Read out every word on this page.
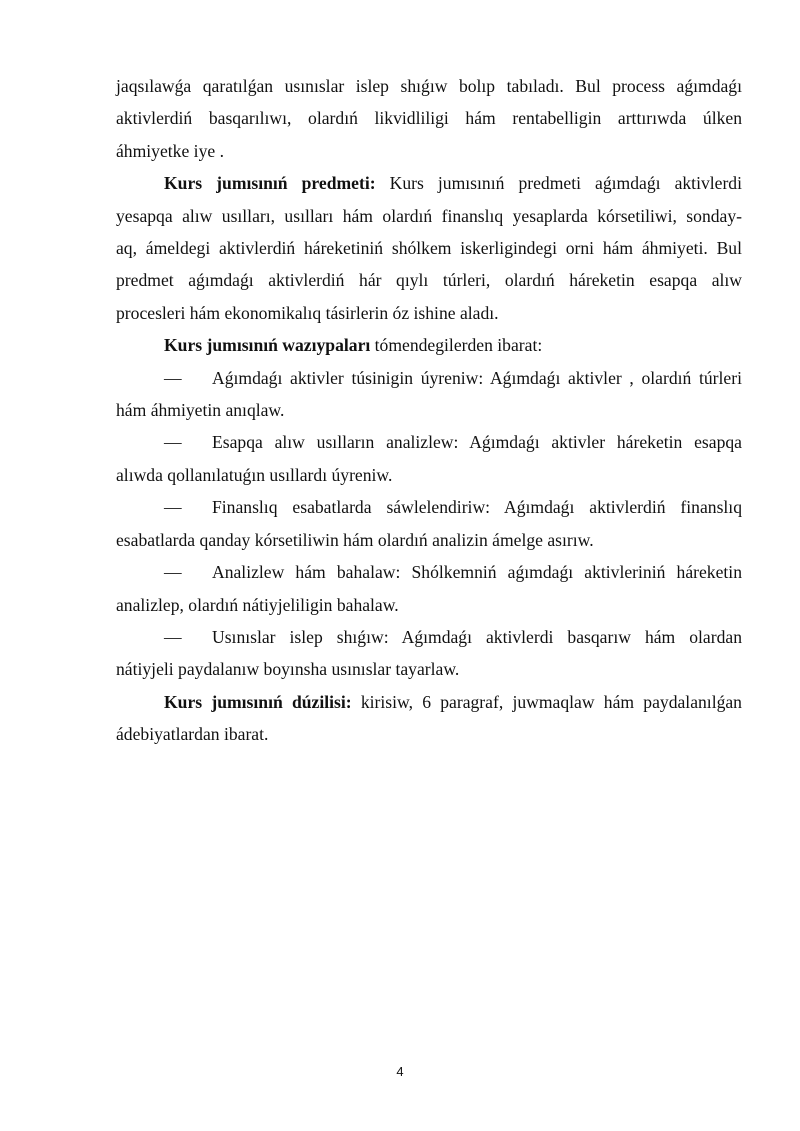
jaqsılawǵa qaratılǵan usınıslar islep shıǵıw bolıp tabıladı. Bul process aǵımdaǵı

aktivlerdiń basqarılıwı, olardıń likvidliligi hám rentabelligin arttırıwda úlken

áhmiyetke iye .

Kurs jumısınıń predmeti: Kurs jumısınıń predmeti aǵımdaǵı aktivlerdi

yesapqa alıw usılları, usılları hám olardıń finanslıq yesaplarda kórsetiliwi, sonday-

aq, ámeldegi aktivlerdiń háreketiniń shólkem iskerligindegi orni hám áhmiyeti. Bul

predmet aǵımdaǵı aktivlerdiń hár qıylı túrleri, olardıń háreketin esapqa alıw

procesleri hám ekonomikalıq tásirlerin óz ishine aladı.

Kurs jumısınıń wazıypaları tómendegilerden ibarat:

— Aǵımdaǵı aktivler túsinigin úyreniw: Aǵımdaǵı aktivler , olardıń túrleri

hám áhmiyetin anıqlaw.

— Esapqa alıw usılların analizlew: Aǵımdaǵı aktivler háreketin esapqa

alıwda qollanılatuǵın usıllardı úyreniw.

— Finanslıq esabatlarda sáwlelendiriw: Aǵımdaǵı aktivlerdiń finanslıq

esabatlarda qanday kórsetiliwin hám olardıń analizin ámelge asırıw.

— Analizlew hám bahalaw: Shólkemniń aǵımdaǵı aktivleriniń háreketin

analizlep, olardıń nátiyjeliligin bahalaw.

— Usınıslar islep shıǵıw: Aǵımdaǵı aktivlerdi basqarıw hám olardan

nátiyjeli paydalanıw boyınsha usınıslar tayarlaw.

Kurs jumısınıń dúzilisi: kirisiw, 6 paragraf, juwmaqlaw hám paydalanılǵan

ádebiyatlardan ibarat.

4
